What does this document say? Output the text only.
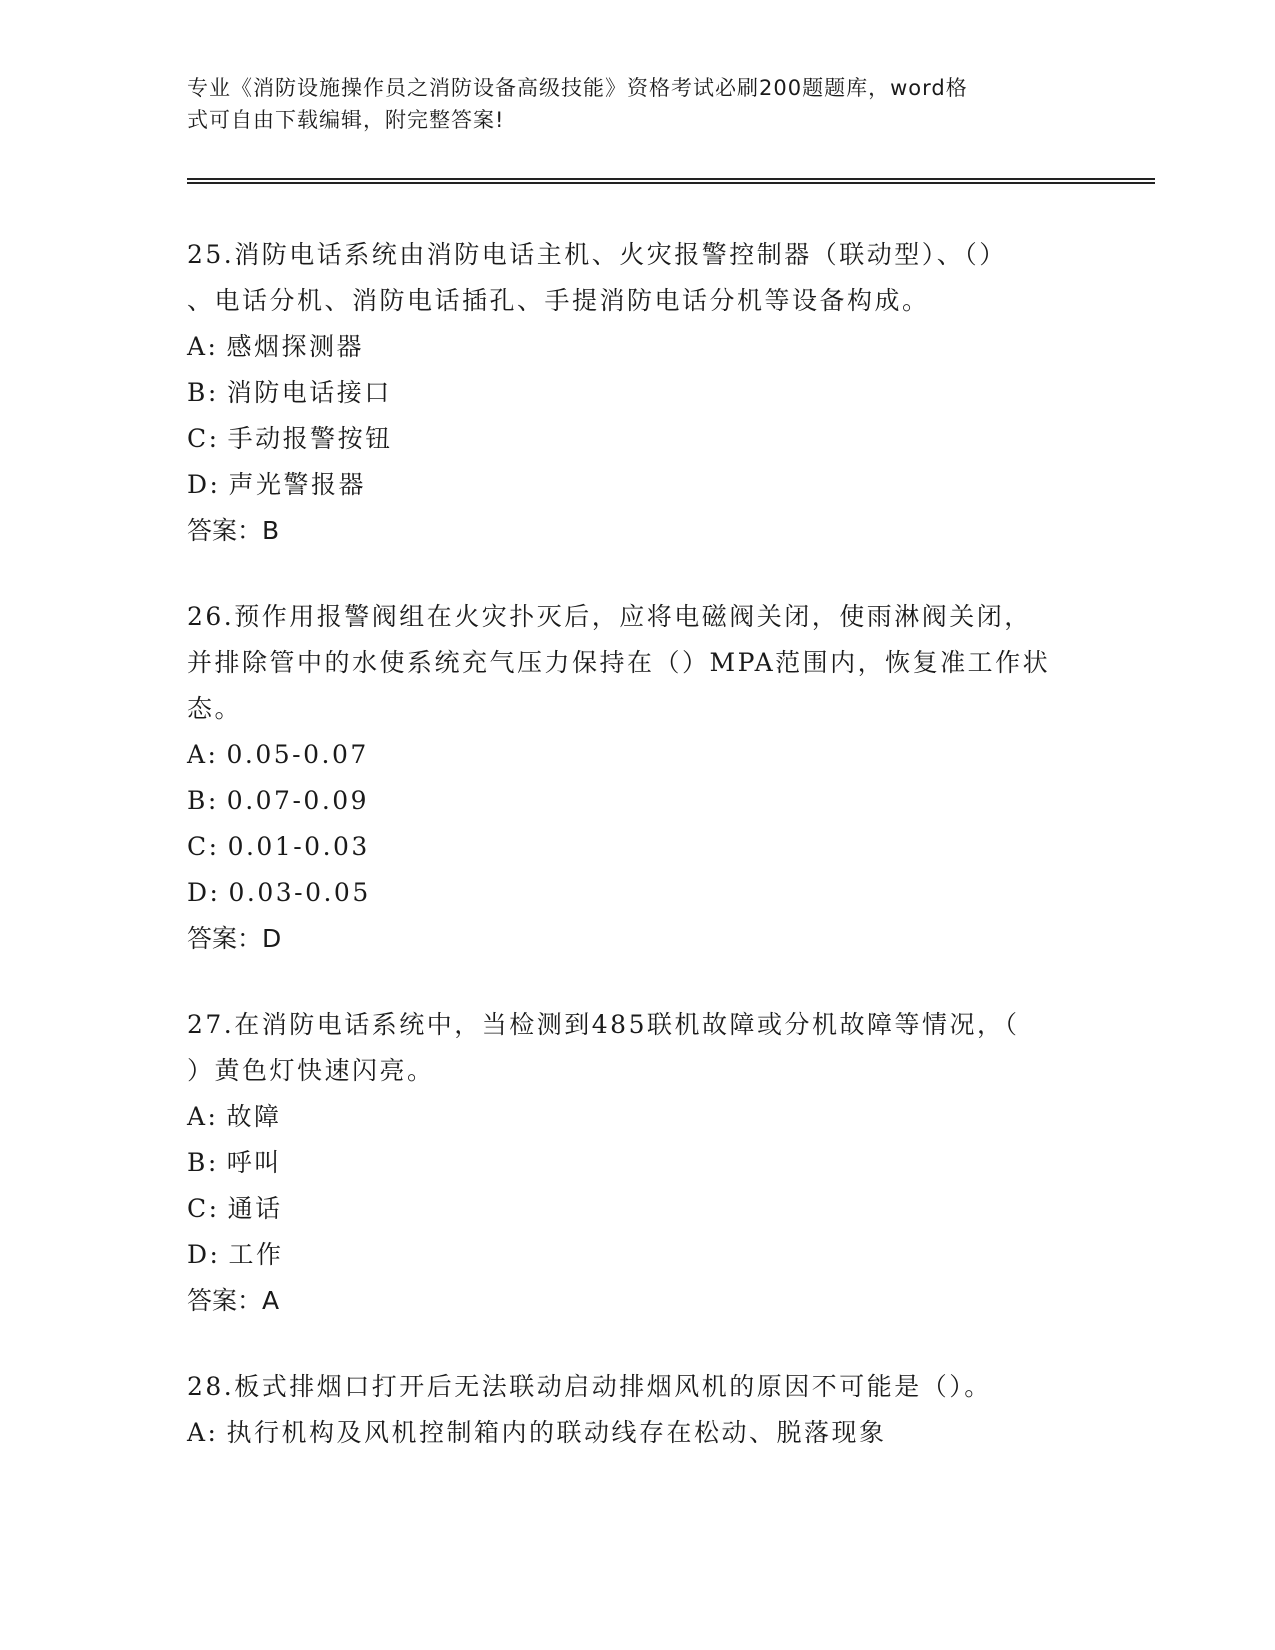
专业《消防设施操作员之消防设备高级技能》资格考试必刷200题题库，word格
式可自由下载编辑，附完整答案!

25.消防电话系统由消防电话主机、火灾报警控制器（联动型）、（）

、电话分机、消防电话插孔、手提消防电话分机等设备构成。

A: 感烟探测器

B: 消防电话接口

C: 手动报警按钮

D: 声光警报器

答案：B

26.预作用报警阀组在火灾扑灭后，应将电磁阀关闭，使雨淋阀关闭，

并排除管中的水使系统充气压力保持在（）MPA范围内，恢复准工作状

态。

A: 0.05-0.07

B: 0.07-0.09

C: 0.01-0.03

D: 0.03-0.05

答案：D

27.在消防电话系统中，当检测到485联机故障或分机故障等情况，（

）黄色灯快速闪亮。

A: 故障

B: 呼叫

C: 通话

D: 工作

答案：A

28.板式排烟口打开后无法联动启动排烟风机的原因不可能是（）。

A: 执行机构及风机控制箱内的联动线存在松动、脱落现象
